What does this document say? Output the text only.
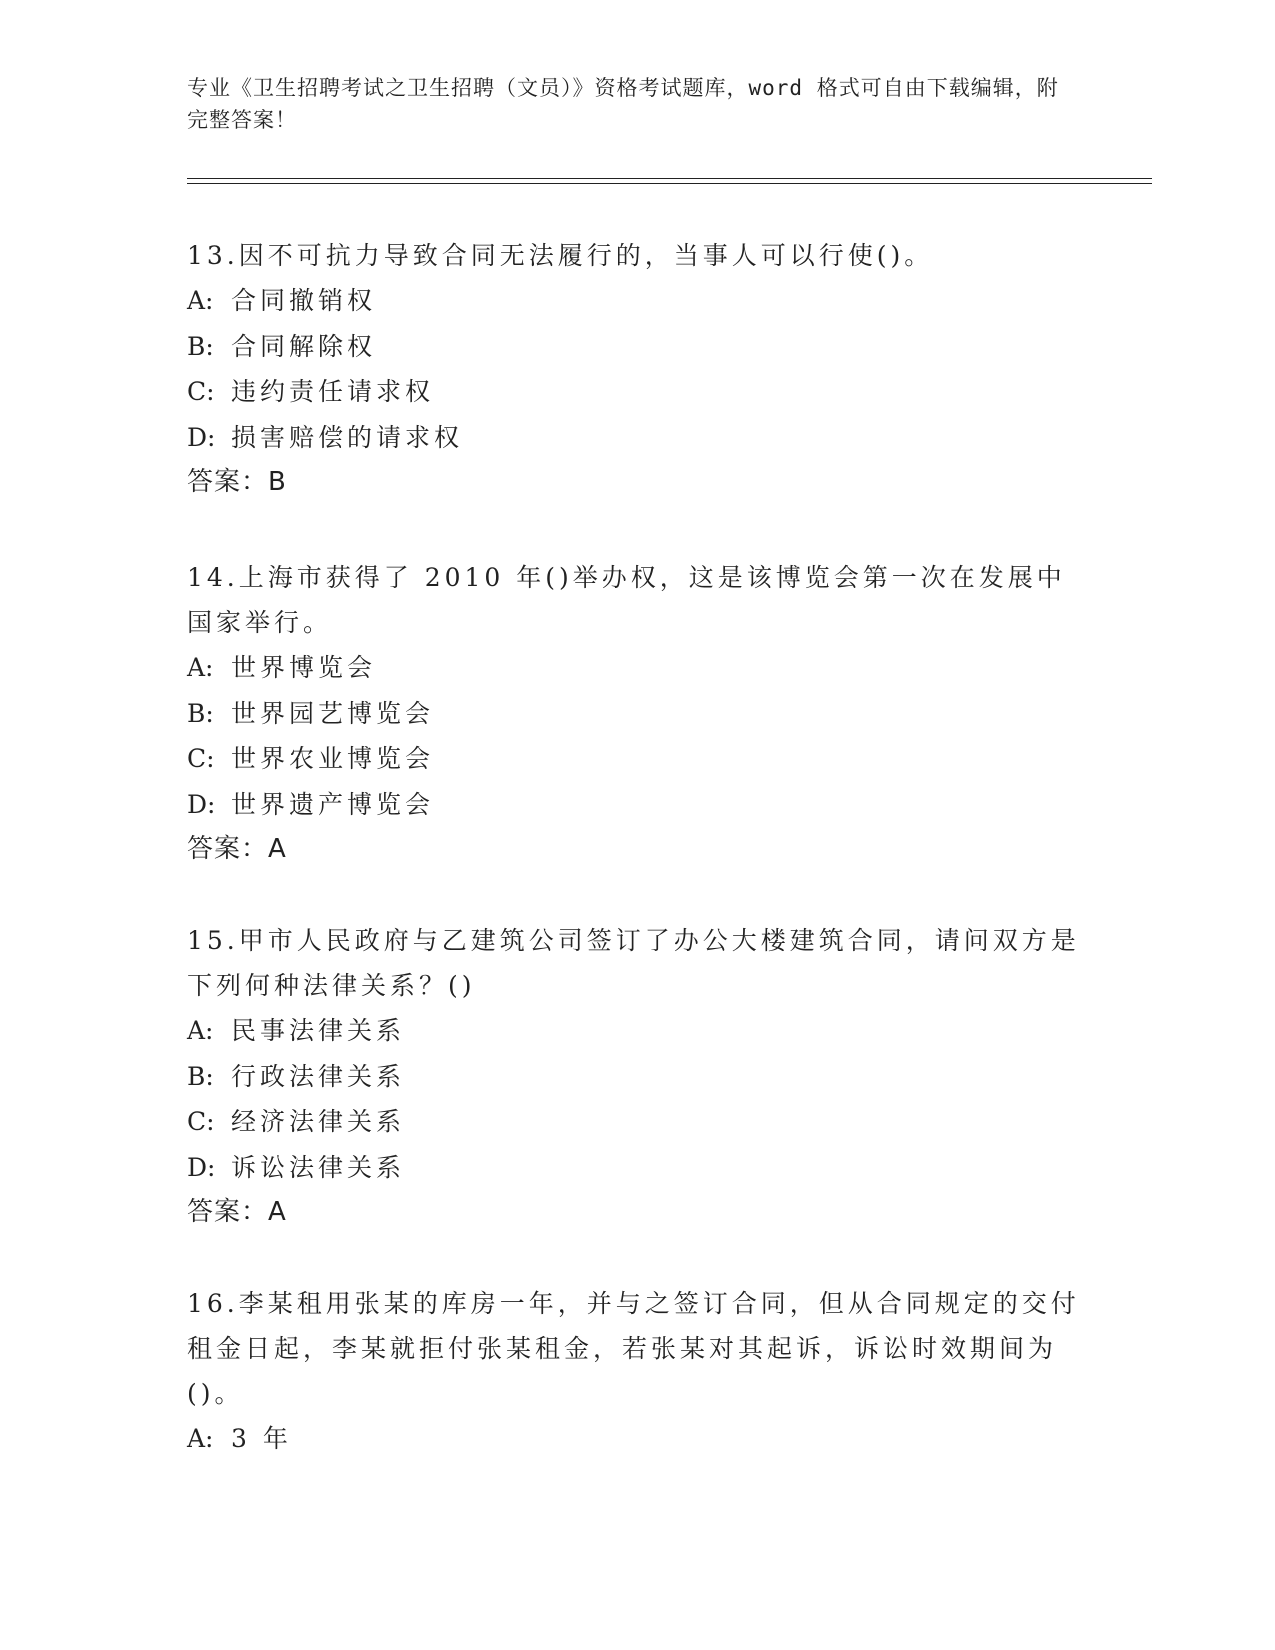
专业《卫生招聘考试之卫生招聘（文员）》资格考试题库，word 格式可自由下载编辑，附完整答案！

13.因不可抗力导致合同无法履行的，当事人可以行使()。

A: 合同撤销权

B: 合同解除权

C: 违约责任请求权

D: 损害赔偿的请求权

答案：B

14.上海市获得了 2010 年()举办权，这是该博览会第一次在发展中国家举行。

A: 世界博览会

B: 世界园艺博览会

C: 世界农业博览会

D: 世界遗产博览会

答案：A

15.甲市人民政府与乙建筑公司签订了办公大楼建筑合同，请问双方是下列何种法律关系？()

A: 民事法律关系

B: 行政法律关系

C: 经济法律关系

D: 诉讼法律关系

答案：A

16.李某租用张某的库房一年，并与之签订合同，但从合同规定的交付租金日起，李某就拒付张某租金，若张某对其起诉，诉讼时效期间为()。

A: 3 年
